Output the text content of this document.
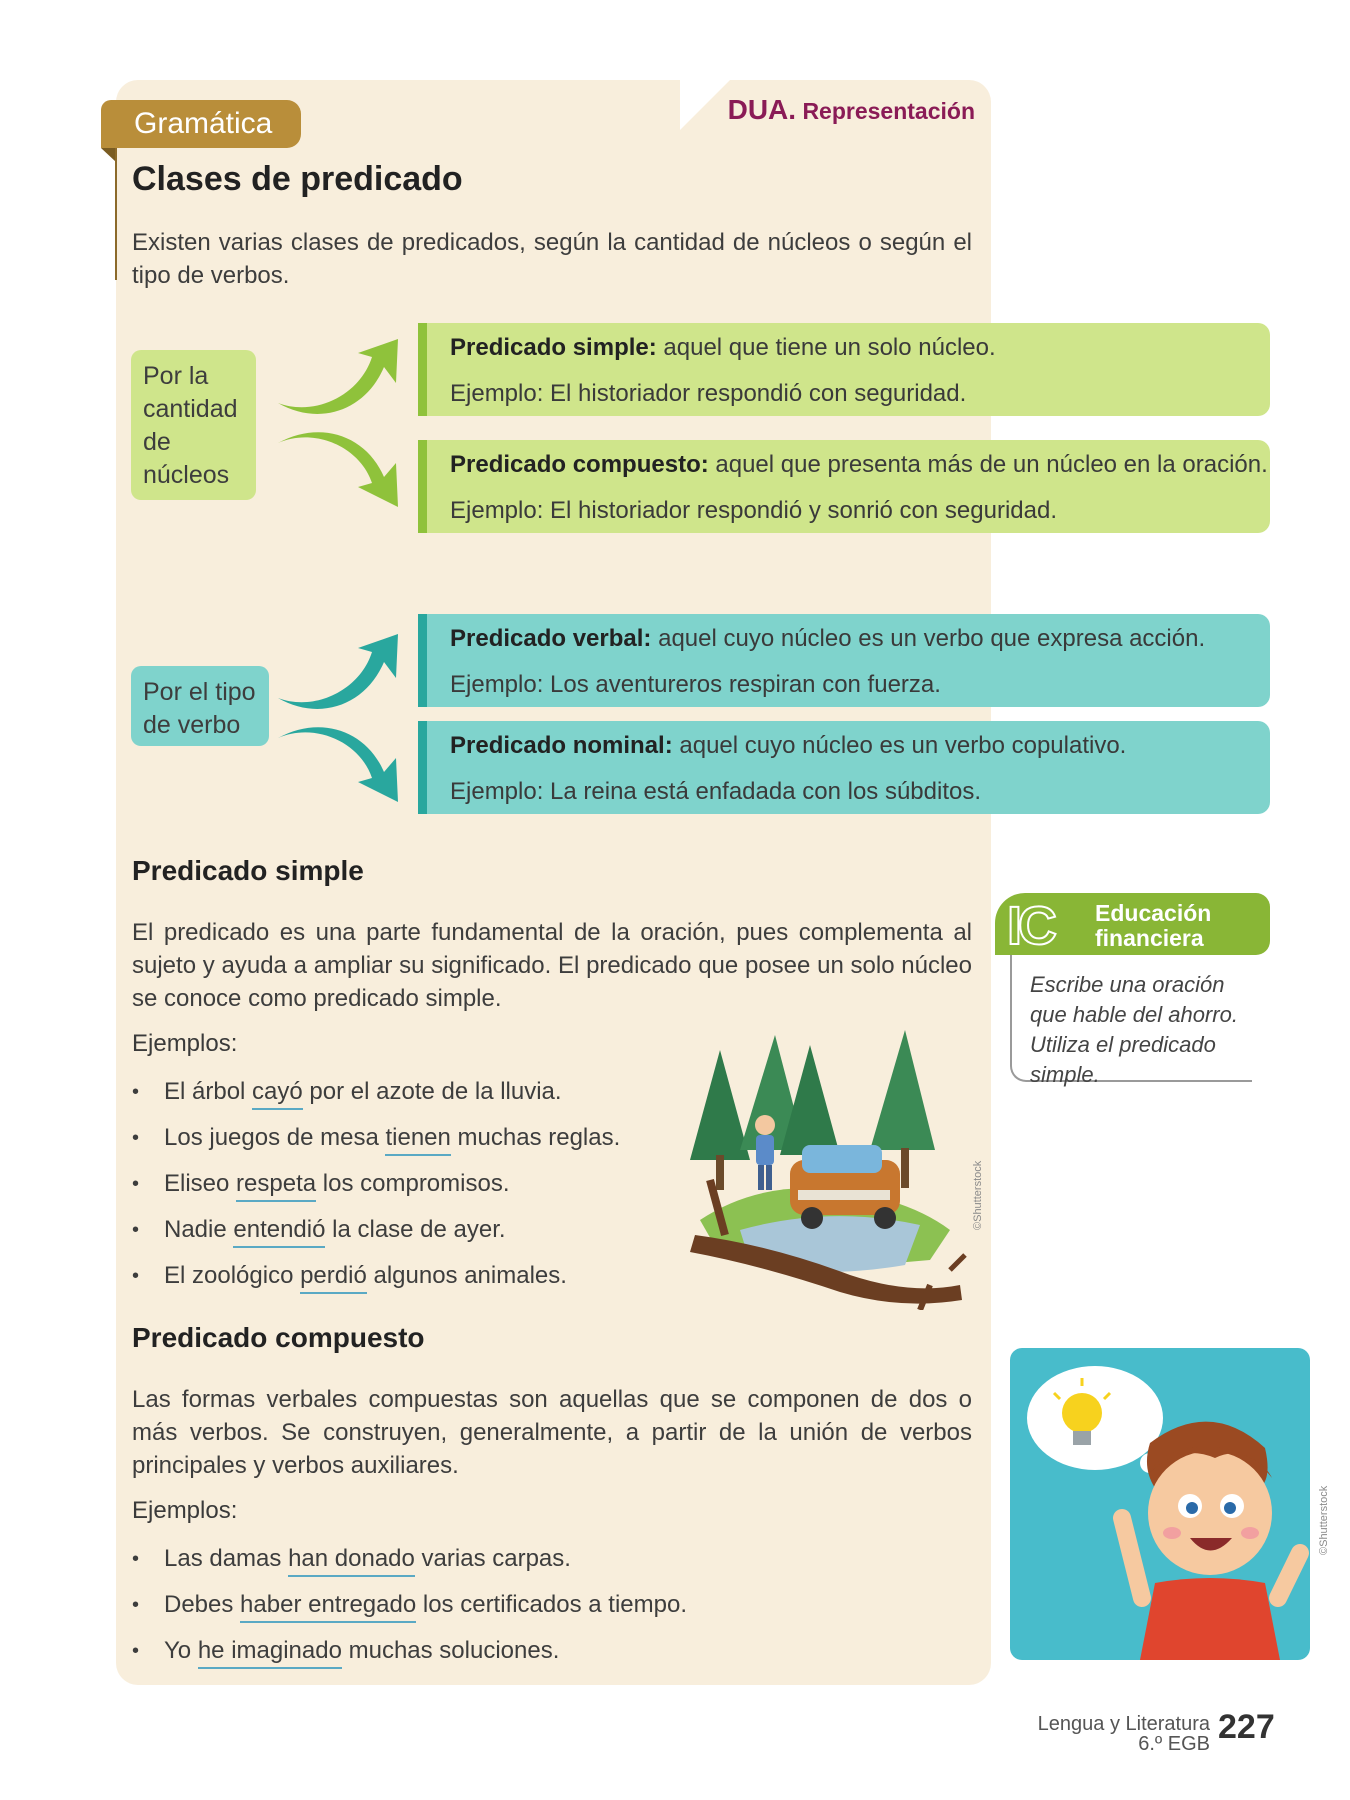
Gramática	DUA. Representación
Clases de predicado

Existen varias clases de predicados, según la cantidad de núcleos o según el tipo de verbos.

Por la cantidad de núcleos
Predicado simple: aquel que tiene un solo núcleo.
Ejemplo: El historiador respondió con seguridad.
Predicado compuesto: aquel que presenta más de un núcleo en la oración.
Ejemplo: El historiador respondió y sonrió con seguridad.
Por el tipo de verbo
Predicado verbal: aquel cuyo núcleo es un verbo que expresa acción.
Ejemplo: Los aventureros respiran con fuerza.
Predicado nominal: aquel cuyo núcleo es un verbo copulativo.
Ejemplo: La reina está enfadada con los súbditos.
Predicado simple

El predicado es una parte fundamental de la oración, pues complementa al sujeto y ayuda a ampliar su significado. El predicado que posee un solo núcleo se conoce como predicado simple.

Ejemplos:
• El árbol cayó por el azote de la lluvia.
• Los juegos de mesa tienen muchas reglas.
• Eliseo respeta los compromisos.
• Nadie entendió la clase de ayer.
• El zoológico perdió algunos animales.
©Shutterstock
Predicado compuesto

Las formas verbales compuestas son aquellas que se componen de dos o más verbos. Se construyen, generalmente, a partir de la unión de verbos principales y verbos auxiliares.

Ejemplos:
• Las damas han donado varias carpas.
• Debes haber entregado los certificados a tiempo.
• Yo he imaginado muchas soluciones.
IC Educación
financiera
Escribe una oración que hable del ahorro. Utiliza el predicado simple.
©Shutterstock
Lengua y Literatura
6.º EGB 227
